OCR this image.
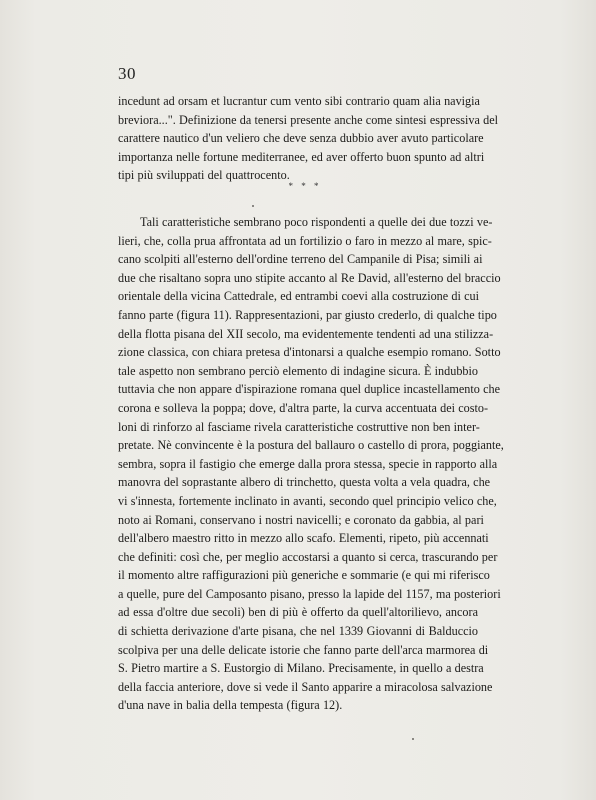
30
incedunt ad orsam et lucrantur cum vento sibi contrario quam alia navigia
breviora...". Definizione da tenersi presente anche come sintesi espressiva del
carattere nautico d'un veliero che deve senza dubbio aver avuto particolare
importanza nelle fortune mediterranee, ed aver offerto buon spunto ad altri
tipi più sviluppati del quattrocento.
* * *
Tali caratteristiche sembrano poco rispondenti a quelle dei due tozzi ve-
lieri, che, colla prua affrontata ad un fortilizio o faro in mezzo al mare, spic-
cano scolpiti all'esterno dell'ordine terreno del Campanile di Pisa; simili ai
due che risaltano sopra uno stipite accanto al Re David, all'esterno del braccio
orientale della vicina Cattedrale, ed entrambi coevi alla costruzione di cui
fanno parte (figura 11). Rappresentazioni, par giusto crederlo, di qualche tipo
della flotta pisana del XII secolo, ma evidentemente tendenti ad una stilizza-
zione classica, con chiara pretesa d'intonarsi a qualche esempio romano. Sotto
tale aspetto non sembrano perciò elemento di indagine sicura. È indubbio
tuttavia che non appare d'ispirazione romana quel duplice incastellamento che
corona e solleva la poppa; dove, d'altra parte, la curva accentuata dei costo-
loni di rinforzo al fasciame rivela caratteristiche costruttive non ben inter-
pretate. Nè convincente è la postura del ballauro o castello di prora, poggiante,
sembra, sopra il fastigio che emerge dalla prora stessa, specie in rapporto alla
manovra del soprastante albero di trinchetto, questa volta a vela quadra, che
vi s'innesta, fortemente inclinato in avanti, secondo quel principio velico che,
noto ai Romani, conservano i nostri navicelli; e coronato da gabbia, al pari
dell'albero maestro ritto in mezzo allo scafo. Elementi, ripeto, più accennati
che definiti: così che, per meglio accostarsi a quanto si cerca, trascurando per
il momento altre raffigurazioni più generiche e sommarie (e qui mi riferisco
a quelle, pure del Camposanto pisano, presso la lapide del 1157, ma posteriori
ad essa d'oltre due secoli) ben di più è offerto da quell'altorilievo, ancora
di schietta derivazione d'arte pisana, che nel 1339 Giovanni di Balduccio
scolpiva per una delle delicate istorie che fanno parte dell'arca marmorea di
S. Pietro martire a S. Eustorgio di Milano. Precisamente, in quello a destra
della faccia anteriore, dove si vede il Santo apparire a miracolosa salvazione
d'una nave in balia della tempesta (figura 12).
